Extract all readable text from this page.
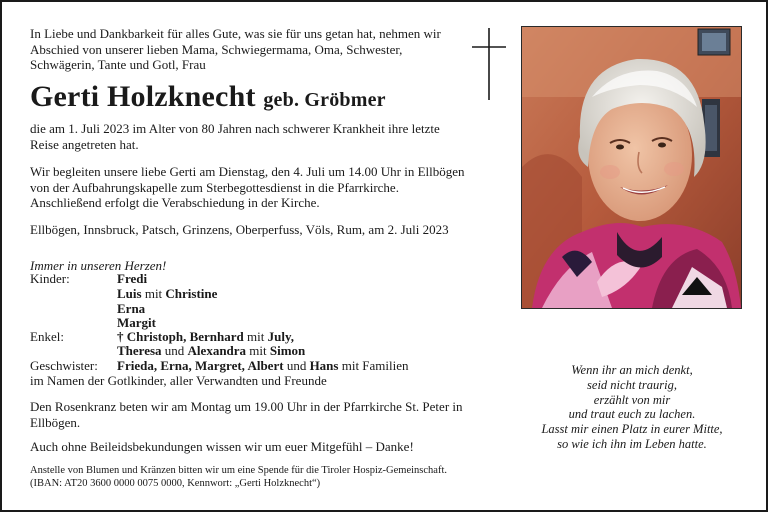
In Liebe und Dankbarkeit für alles Gute, was sie für uns getan hat, nehmen wir Abschied von unserer lieben Mama, Schwiegermama, Oma, Schwester, Schwägerin, Tante und Gotl, Frau
Gerti Holzknecht geb. Gröbmer
die am 1. Juli 2023 im Alter von 80 Jahren nach schwerer Krankheit ihre letzte Reise angetreten hat.
Wir begleiten unsere liebe Gerti am Dienstag, den 4. Juli um 14.00 Uhr in Ellbögen von der Aufbahrungskapelle zum Sterbegottesdienst in die Pfarrkirche. Anschließend erfolgt die Verabschiedung in der Kirche.
Ellbögen, Innsbruck, Patsch, Grinzens, Oberperfuss, Völs, Rum, am 2. Juli 2023
Immer in unseren Herzen!
Kinder:	Fredi
Luis mit Christine
Erna
Margit
Enkel:	† Christoph, Bernhard mit July,
Theresa und Alexandra mit Simon
Geschwister: Frieda, Erna, Margret, Albert und Hans mit Familien
im Namen der Gotlkinder, aller Verwandten und Freunde
Den Rosenkranz beten wir am Montag um 19.00 Uhr in der Pfarrkirche St. Peter in Ellbögen.
Auch ohne Beileidsbekundungen wissen wir um euer Mitgefühl – Danke!
Anstelle von Blumen und Kränzen bitten wir um eine Spende für die Tiroler Hospiz-Gemeinschaft. (IBAN: AT20 3600 0000 0075 0000, Kennwort: „Gerti Holzknecht“)
Wenn ihr an mich denkt,
seid nicht traurig,
erzählt von mir
und traut euch zu lachen.
Lasst mir einen Platz in eurer Mitte,
so wie ich ihn im Leben hatte.
